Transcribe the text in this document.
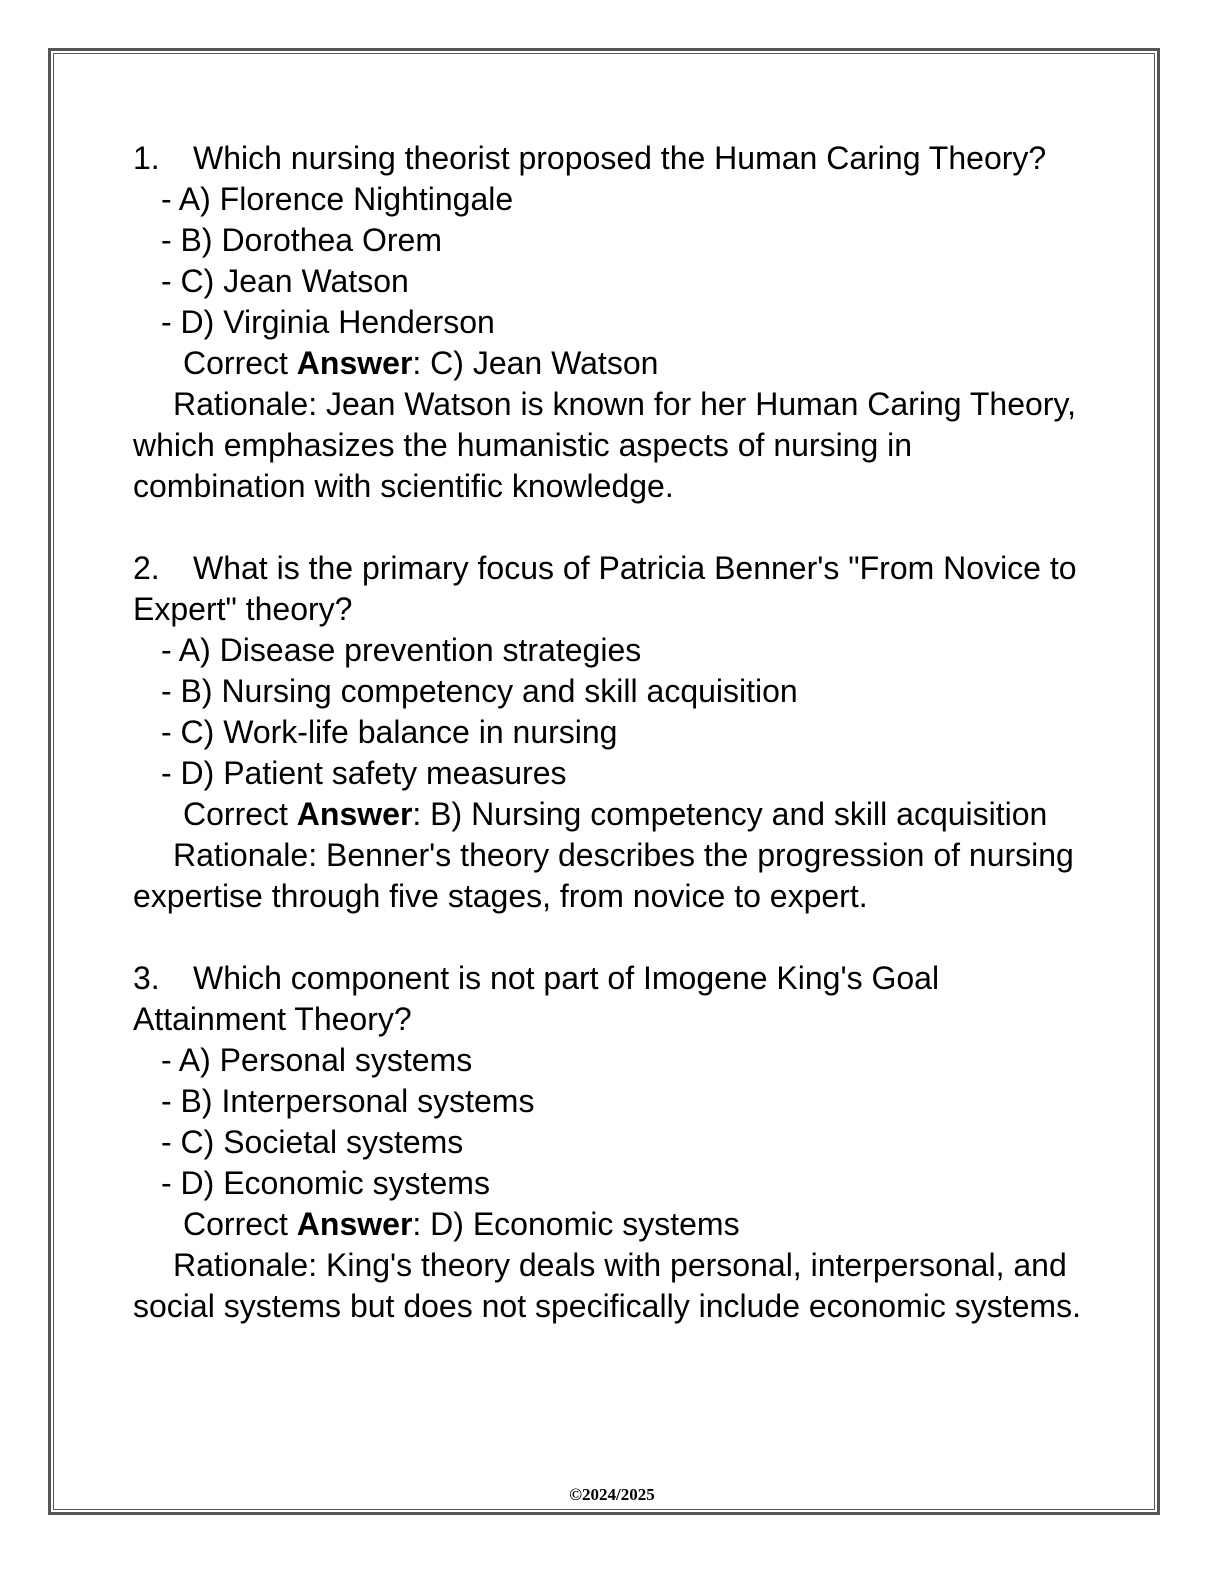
1. Which nursing theorist proposed the Human Caring Theory?

- A) Florence Nightingale

- B) Dorothea Orem

- C) Jean Watson

- D) Virginia Henderson

Correct Answer: C) Jean Watson

Rationale: Jean Watson is known for her Human Caring Theory, which emphasizes the humanistic aspects of nursing in combination with scientific knowledge.

2. What is the primary focus of Patricia Benner's "From Novice to Expert" theory?

- A) Disease prevention strategies

- B) Nursing competency and skill acquisition

- C) Work-life balance in nursing

- D) Patient safety measures

Correct Answer: B) Nursing competency and skill acquisition

Rationale: Benner's theory describes the progression of nursing expertise through five stages, from novice to expert.

3. Which component is not part of Imogene King's Goal Attainment Theory?

- A) Personal systems

- B) Interpersonal systems

- C) Societal systems

- D) Economic systems

Correct Answer: D) Economic systems

Rationale: King's theory deals with personal, interpersonal, and social systems but does not specifically include economic systems.

©2024/2025
